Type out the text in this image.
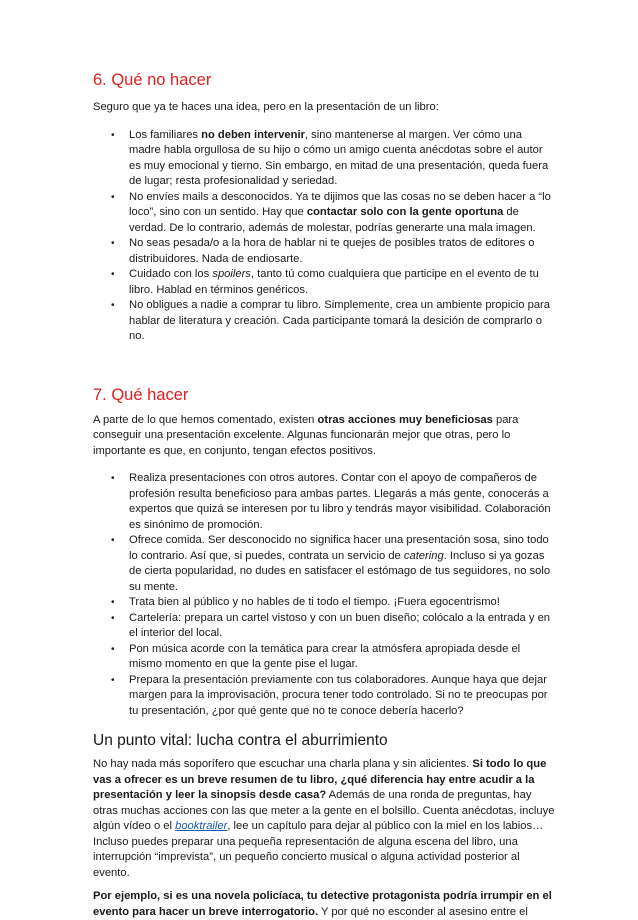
6. Qué no hacer

Seguro que ya te haces una idea, pero en la presentación de un libro:

• Los familiares no deben intervenir, sino mantenerse al margen. Ver cómo una madre habla orgullosa de su hijo o cómo un amigo cuenta anécdotas sobre el autor es muy emocional y tierno. Sin embargo, en mitad de una presentación, queda fuera de lugar; resta profesionalidad y seriedad.
• No envíes mails a desconocidos. Ya te dijimos que las cosas no se deben hacer a “lo loco”, sino con un sentido. Hay que contactar solo con la gente oportuna de verdad. De lo contrario, además de molestar, podrías generarte una mala imagen.
• No seas pesada/o a la hora de hablar ni te quejes de posibles tratos de editores o distribuidores. Nada de endiosarte.
• Cuidado con los spoilers, tanto tú como cualquiera que participe en el evento de tu libro. Hablad en términos genéricos.
• No obligues a nadie a comprar tu libro. Simplemente, crea un ambiente propicio para hablar de literatura y creación. Cada participante tomará la desición de comprarlo o no.
7. Qué hacer

A parte de lo que hemos comentado, existen otras acciones muy beneficiosas para conseguir una presentación excelente. Algunas funcionarán mejor que otras, pero lo importante es que, en conjunto, tengan efectos positivos.

• Realiza presentaciones con otros autores. Contar con el apoyo de compañeros de profesión resulta beneficioso para ambas partes. Llegarás a más gente, conocerás a expertos que quizá se interesen por tu libro y tendrás mayor visibilidad. Colaboración es sinónimo de promoción.
• Ofrece comida. Ser desconocido no significa hacer una presentación sosa, sino todo lo contrario. Así que, si puedes, contrata un servicio de catering. Incluso si ya gozas de cierta popularidad, no dudes en satisfacer el estómago de tus seguidores, no solo su mente.
• Trata bien al público y no hables de ti todo el tiempo. ¡Fuera egocentrismo!
• Cartelería: prepara un cartel vistoso y con un buen diseño; colócalo a la entrada y en el interior del local.
• Pon música acorde con la temática para crear la atmósfera apropiada desde el mismo momento en que la gente pise el lugar.
• Prepara la presentación previamente con tus colaboradores. Aunque haya que dejar margen para la improvisación, procura tener todo controlado. Si no te preocupas por tu presentación, ¿por qué gente que no te conoce debería hacerlo?
Un punto vital: lucha contra el aburrimiento

No hay nada más soporífero que escuchar una charla plana y sin alicientes. Si todo lo que vas a ofrecer es un breve resumen de tu libro, ¿qué diferencia hay entre acudir a la presentación y leer la sinopsis desde casa? Además de una ronda de preguntas, hay otras muchas acciones con las que meter a la gente en el bolsillo. Cuenta anécdotas, incluye algún vídeo o el booktrailer, lee un capítulo para dejar al público con la miel en los labios… Incluso puedes preparar una pequeña representación de alguna escena del libro, una interrupción “imprevista”, un pequeño concierto musical o alguna actividad posterior al evento.

Por ejemplo, si es una novela policíaca, tu detective protagonista podría irrumpir en el evento para hacer un breve interrogatorio. Y por qué no esconder al asesino entre el
